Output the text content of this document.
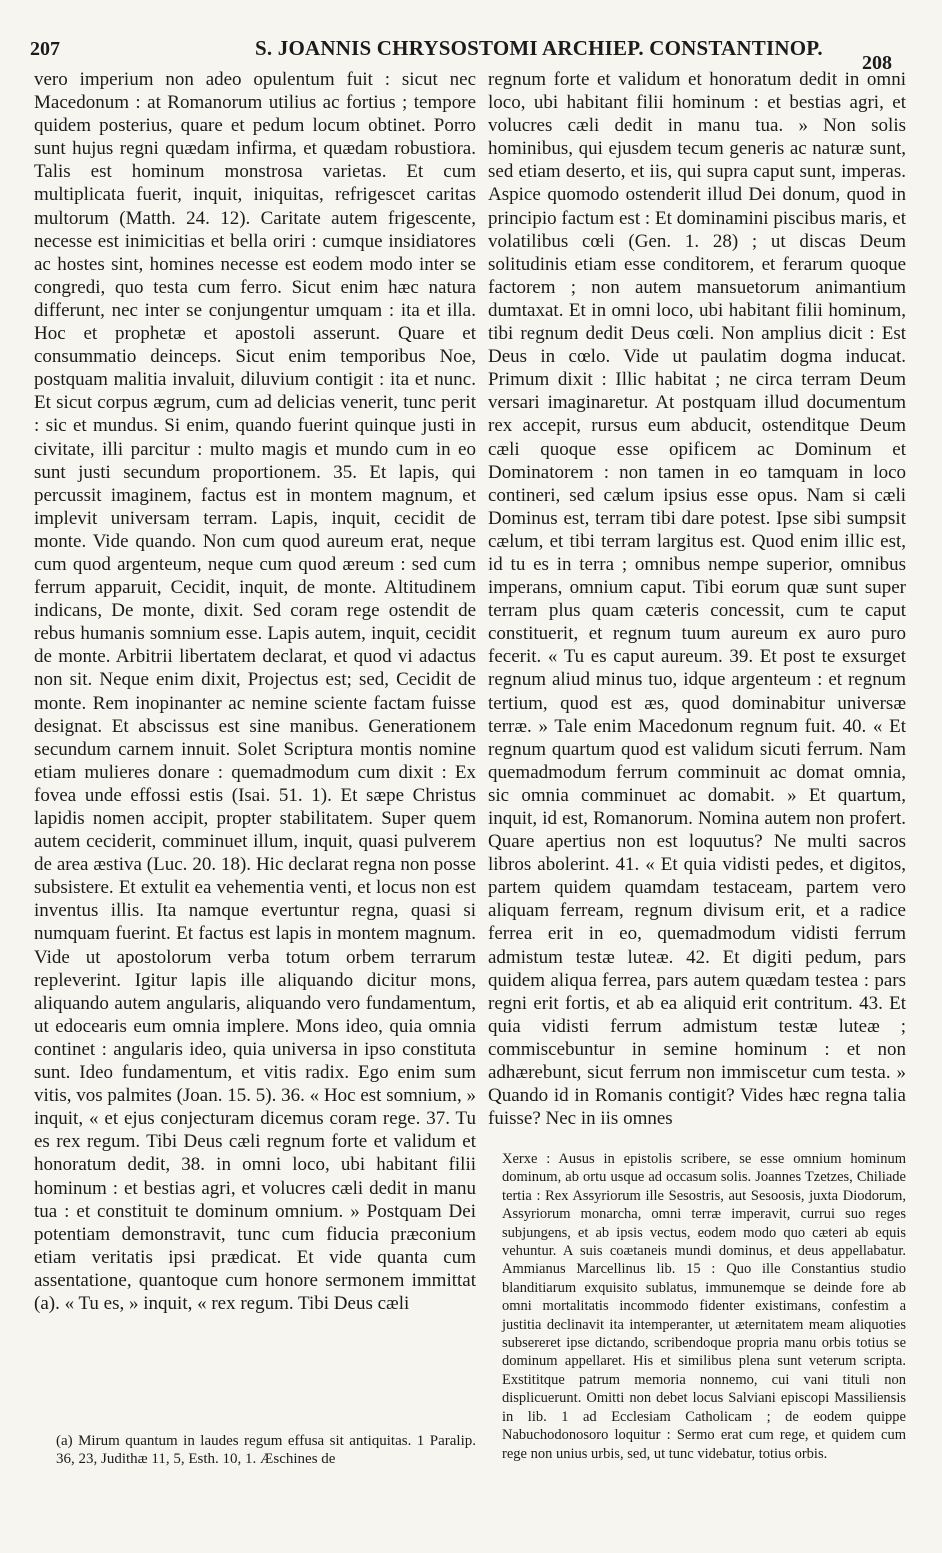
207	S. JOANNIS CHRYSOSTOMI ARCHIEP. CONSTANTINOP.
208

vero imperium non adeo opulentum fuit : sicut nec Macedonum : at Romanorum utilius ac fortius ; tempore quidem posterius, quare et pedum locum obtinet. Porro sunt hujus regni quædam infirma, et quædam robustiora. Talis est hominum monstrosa varietas. Et cum multiplicata fuerit, inquit, iniquitas, refrigescet caritas multorum (Matth. 24. 12). Caritate autem frigescente, necesse est inimicitias et bella oriri : cumque insidiatores ac hostes sint, homines necesse est eodem modo inter se congredi, quo testa cum ferro. Sicut enim hæc natura differunt, nec inter se conjungentur umquam : ita et illa. Hoc et prophetæ et apostoli asserunt. Quare et consummatio deinceps. Sicut enim temporibus Noe, postquam malitia invaluit, diluvium contigit : ita et nunc. Et sicut corpus ægrum, cum ad delicias venerit, tunc perit : sic et mundus. Si enim, quando fuerint quinque justi in civitate, illi parcitur : multo magis et mundo cum in eo sunt justi secundum proportionem. 35. Et lapis, qui percussit imaginem, factus est in montem magnum, et implevit universam terram. Lapis, inquit, cecidit de monte. Vide quando. Non cum quod aureum erat, neque cum quod argenteum, neque cum quod æreum : sed cum ferrum apparuit, Cecidit, inquit, de monte. Altitudinem indicans, De monte, dixit. Sed coram rege ostendit de rebus humanis somnium esse. Lapis autem, inquit, cecidit de monte. Arbitrii libertatem declarat, et quod vi adactus non sit. Neque enim dixit, Projectus est; sed, Cecidit de monte. Rem inopinanter ac nemine sciente factam fuisse designat. Et abscissus est sine manibus. Generationem secundum carnem innuit. Solet Scriptura montis nomine etiam mulieres donare : quemadmodum cum dixit : Ex fovea unde effossi estis (Isai. 51. 1). Et sæpe Christus lapidis nomen accipit, propter stabilitatem. Super quem autem ceciderit, comminuet illum, inquit, quasi pulverem de area æstiva (Luc. 20. 18). Hic declarat regna non posse subsistere. Et extulit ea vehementia venti, et locus non est inventus illis. Ita namque evertuntur regna, quasi si numquam fuerint. Et factus est lapis in montem magnum. Vide ut apostolorum verba totum orbem terrarum repleverint. Igitur lapis ille aliquando dicitur mons, aliquando autem angularis, aliquando vero fundamentum, ut edocearis eum omnia implere. Mons ideo, quia omnia continet : angularis ideo, quia universa in ipso constituta sunt. Ideo fundamentum, et vitis radix. Ego enim sum vitis, vos palmites (Joan. 15. 5). 36. « Hoc est somnium, » inquit, « et ejus conjecturam dicemus coram rege. 37. Tu es rex regum. Tibi Deus cæli regnum forte et validum et honoratum dedit, 38. in omni loco, ubi habitant filii hominum : et bestias agri, et volucres cæli dedit in manu tua : et constituit te dominum omnium. » Postquam Dei potentiam demonstravit, tunc cum fiducia præconium etiam veritatis ipsi prædicat. Et vide quanta cum assentatione, quantoque cum honore sermonem immittat (a). « Tu es, » inquit, « rex regum. Tibi Deus cæli

regnum forte et validum et honoratum dedit in omni loco, ubi habitant filii hominum : et bestias agri, et volucres cæli dedit in manu tua. » Non solis hominibus, qui ejusdem tecum generis ac naturæ sunt, sed etiam deserto, et iis, qui supra caput sunt, imperas. Aspice quomodo ostenderit illud Dei donum, quod in principio factum est : Et dominamini piscibus maris, et volatilibus cœli (Gen. 1. 28) ; ut discas Deum solitudinis etiam esse conditorem, et ferarum quoque factorem ; non autem mansuetorum animantium dumtaxat. Et in omni loco, ubi habitant filii hominum, tibi regnum dedit Deus cœli. Non amplius dicit : Est Deus in cœlo. Vide ut paulatim dogma inducat. Primum dixit : Illic habitat ; ne circa terram Deum versari imaginaretur. At postquam illud documentum rex accepit, rursus eum abducit, ostenditque Deum cæli quoque esse opificem ac Dominum et Dominatorem : non tamen in eo tamquam in loco contineri, sed cælum ipsius esse opus. Nam si cæli Dominus est, terram tibi dare potest. Ipse sibi sumpsit cælum, et tibi terram largitus est. Quod enim illic est, id tu es in terra ; omnibus nempe superior, omnibus imperans, omnium caput. Tibi eorum quæ sunt super terram plus quam cæteris concessit, cum te caput constituerit, et regnum tuum aureum ex auro puro fecerit. « Tu es caput aureum. 39. Et post te exsurget regnum aliud minus tuo, idque argenteum : et regnum tertium, quod est æs, quod dominabitur universæ terræ. » Tale enim Macedonum regnum fuit. 40. « Et regnum quartum quod est validum sicuti ferrum. Nam quemadmodum ferrum comminuit ac domat omnia, sic omnia comminuet ac domabit. » Et quartum, inquit, id est, Romanorum. Nomina autem non profert. Quare apertius non est loquutus? Ne multi sacros libros abolerint. 41. « Et quia vidisti pedes, et digitos, partem quidem quamdam testaceam, partem vero aliquam ferream, regnum divisum erit, et a radice ferrea erit in eo, quemadmodum vidisti ferrum admistum testæ luteæ. 42. Et digiti pedum, pars quidem aliqua ferrea, pars autem quædam testea : pars regni erit fortis, et ab ea aliquid erit contritum. 43. Et quia vidisti ferrum admistum testæ luteæ ; commiscebuntur in semine hominum : et non adhærebunt, sicut ferrum non immiscetur cum testa. » Quando id in Romanis contigit? Vides hæc regna talia fuisse? Nec in iis omnes

(a) Mirum quantum in laudes regum effusa sit antiquitas. 1 Paralip. 36, 23, Judithæ 11, 5, Esth. 10, 1. Æschines de

Xerxe : Ausus in epistolis scribere, se esse omnium hominum dominum, ab ortu usque ad occasum solis. Joannes Tzetzes, Chiliade tertia : Rex Assyriorum ille Sesostris, aut Sesoosis, juxta Diodorum, Assyriorum monarcha, omni terræ imperavit, currui suo reges subjungens, et ab ipsis vectus, eodem modo quo cæteri ab equis vehuntur. A suis coætaneis mundi dominus, et deus appellabatur. Ammianus Marcellinus lib. 15 : Quo ille Constantius studio blanditiarum exquisito sublatus, immunemque se deinde fore ab omni mortalitatis incommodo fidenter existimans, confestim a justitia declinavit ita intemperanter, ut æternitatem meam aliquoties subsereret ipse dictando, scribendoque propria manu orbis totius se dominum appellaret. His et similibus plena sunt veterum scripta. Exstititque patrum memoria nonnemo, cui vani tituli non displicuerunt. Omitti non debet locus Salviani episcopi Massiliensis in lib. 1 ad Ecclesiam Catholicam ; de eodem quippe Nabuchodonosoro loquitur : Sermo erat cum rege, et quidem cum rege non unius urbis, sed, ut tunc videbatur, totius orbis.
